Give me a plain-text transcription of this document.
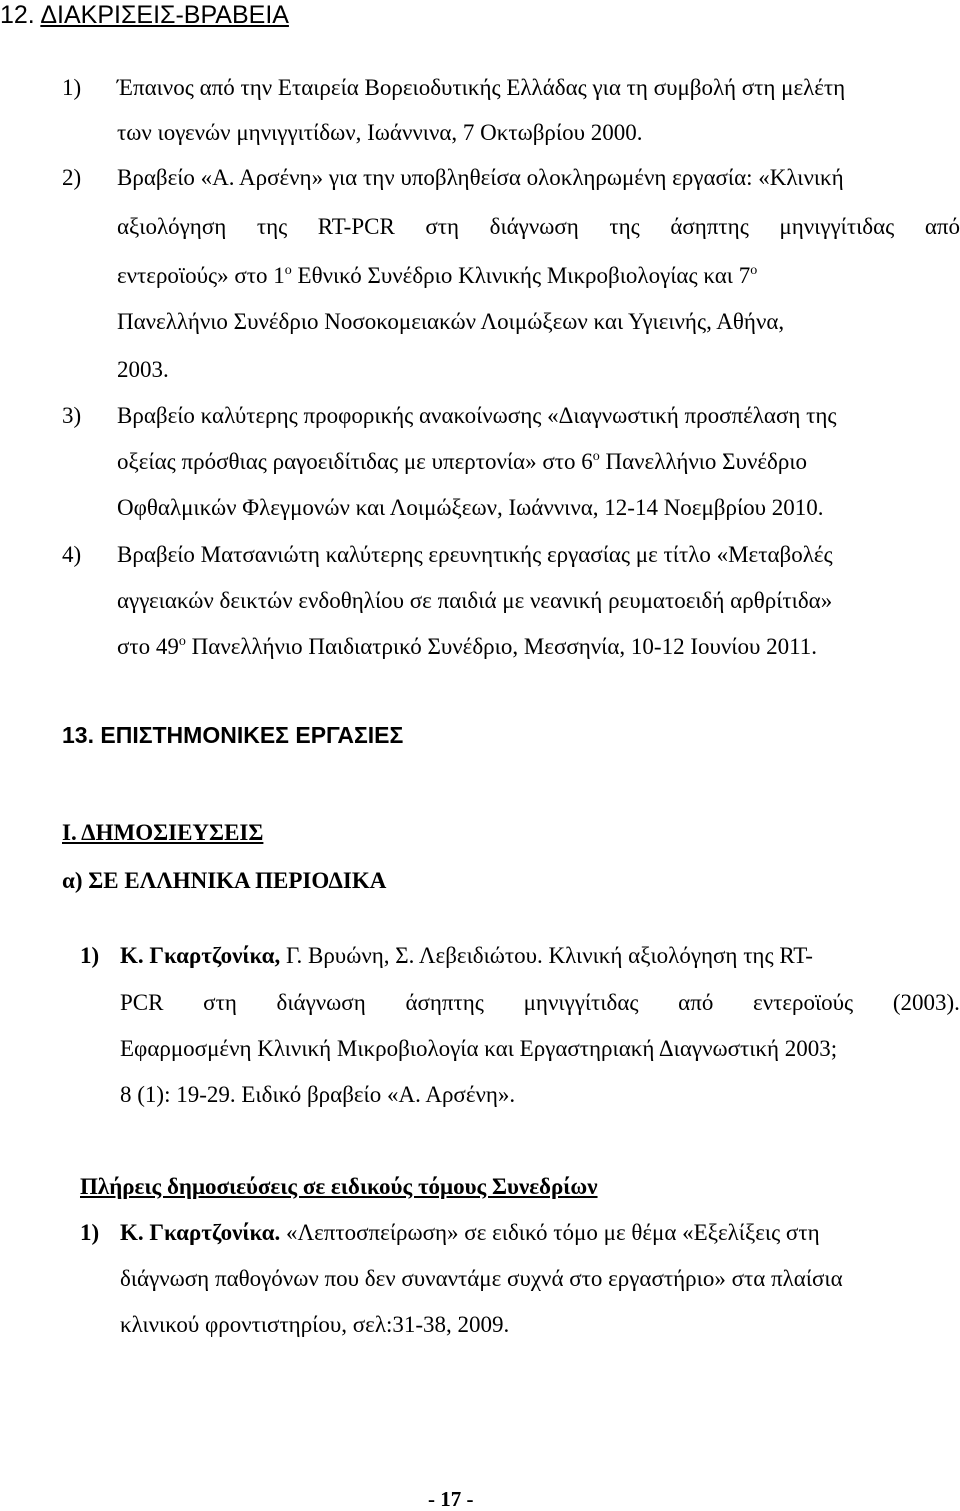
12. ΔΙΑΚΡΙΣΕΙΣ-ΒΡΑΒΕΙΑ
1) Έπαινος από την Εταιρεία Βορειοδυτικής Ελλάδας για τη συμβολή στη μελέτη
των ιογενών μηνιγγιτίδων, Ιωάννινα, 7 Οκτωβρίου 2000.
2) Βραβείο «Α. Αρσένη» για την υποβληθείσα ολοκληρωμένη εργασία: «Κλινική
αξιολόγηση της RT-PCR στη διάγνωση της άσηπτης μηνιγγίτιδας από
εντεροϊούς» στο $1^o$ Εθνικό Συνέδριο Κλινικής Μικροβιολογίας και $7^o$
Πανελλήνιο Συνέδριο Νοσοκομειακών Λοιμώξεων και Υγιεινής, Αθήνα,
2003.
3) Βραβείο καλύτερης προφορικής ανακοίνωσης «Διαγνωστική προσπέλαση της
οξείας πρόσθιας ραγοειδίτιδας με υπερτονία» στο $6^o$ Πανελλήνιο Συνέδριο
Οφθαλμικών Φλεγμονών και Λοιμώξεων, Ιωάννινα, 12-14 Νοεμβρίου 2010.
4) Βραβείο Ματσανιώτη καλύτερης ερευνητικής εργασίας με τίτλο «Μεταβολές
αγγειακών δεικτών ενδοθηλίου σε παιδιά με νεανική ρευματοειδή αρθρίτιδα»
στο $49^o$ Πανελλήνιο Παιδιατρικό Συνέδριο, Μεσσηνία, 10-12 Ιουνίου 2011.
13. ΕΠΙΣΤΗΜΟΝΙΚΕΣ ΕΡΓΑΣΙΕΣ
Ι. ΔΗΜΟΣΙΕΥΣΕΙΣ
α) ΣΕ ΕΛΛΗΝΙΚΑ ΠΕΡΙΟΔΙΚΑ
1) Κ. Γκαρτζονίκα, Γ. Βρυώνη, Σ. Λεβειδιώτου. Κλινική αξιολόγηση της RT-
PCR στη διάγνωση άσηπτης μηνιγγίτιδας από εντεροϊούς (2003).
Εφαρμοσμένη Κλινική Μικροβιολογία και Εργαστηριακή Διαγνωστική 2003;
8 (1): 19-29. Ειδικό βραβείο «Α. Αρσένη».
Πλήρεις δημοσιεύσεις σε ειδικούς τόμους Συνεδρίων
1) Κ. Γκαρτζονίκα. «Λεπτοσπείρωση» σε ειδικό τόμο με θέμα «Εξελίξεις στη
διάγνωση παθογόνων που δεν συναντάμε συχνά στο εργαστήριο» στα πλαίσια
κλινικού φροντιστηρίου, σελ:31-38, 2009.
- 17 -
